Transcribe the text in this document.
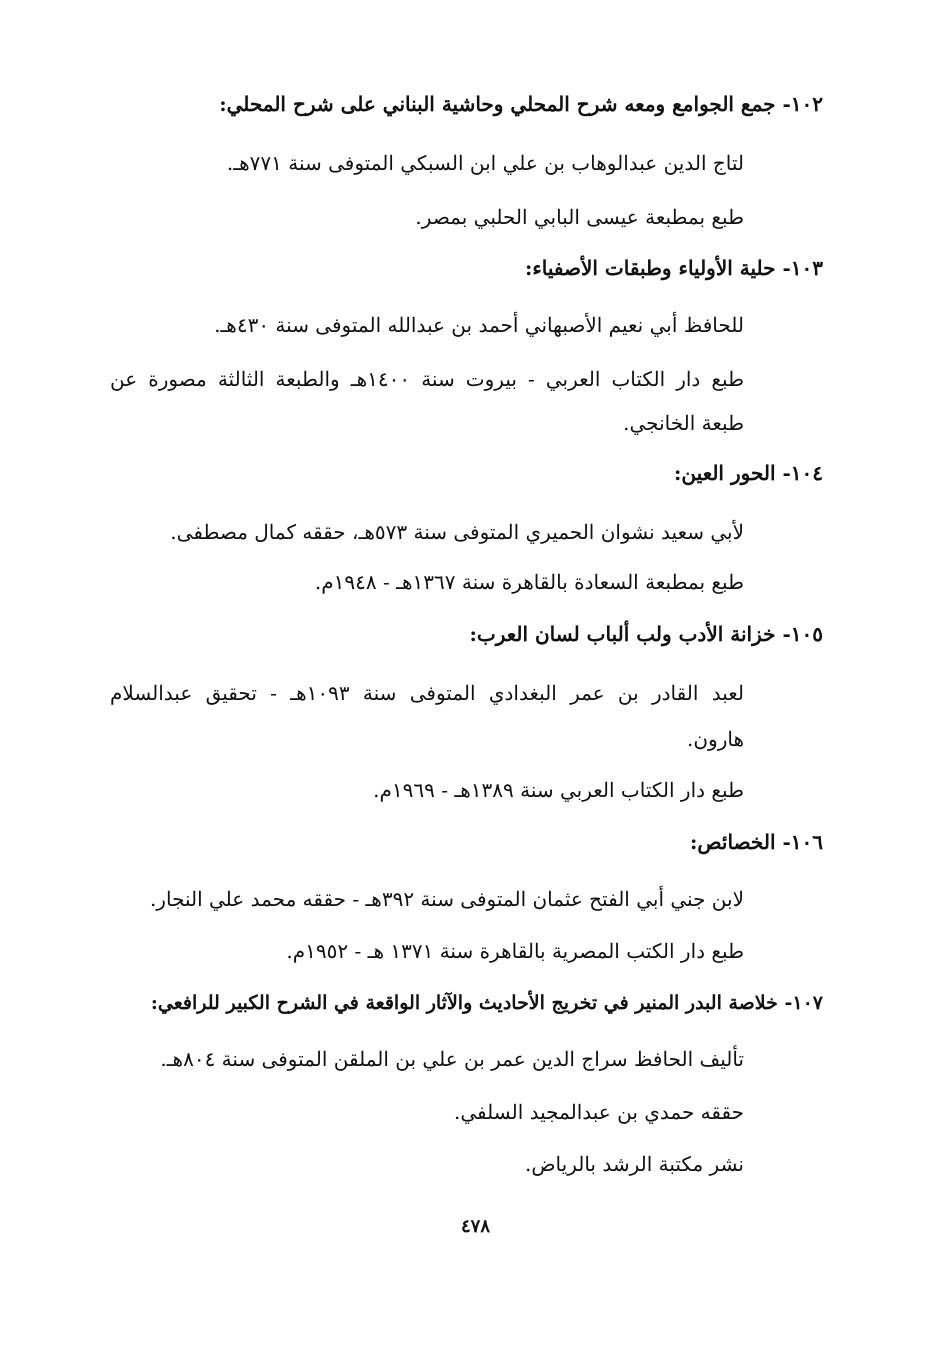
١٠٢- جمع الجوامع ومعه شرح المحلي وحاشية البناني على شرح المحلي:
لتاج الدين عبدالوهاب بن علي ابن السبكي المتوفى سنة ٧٧١هـ.
طبع بمطبعة عيسى البابي الحلبي بمصر.
١٠٣- حلية الأولياء وطبقات الأصفياء:
للحافظ أبي نعيم الأصبهاني أحمد بن عبدالله المتوفى سنة ٤٣٠هـ.
طبع دار الكتاب العربي - بيروت سنة ١٤٠٠هـ والطبعة الثالثة مصورة عن
طبعة الخانجي.
١٠٤- الحور العين:
لأبي سعيد نشوان الحميري المتوفى سنة ٥٧٣هـ، حققه كمال مصطفى.
طبع بمطبعة السعادة بالقاهرة سنة ١٣٦٧هـ - ١٩٤٨م.
١٠٥- خزانة الأدب ولب ألباب لسان العرب:
لعبد القادر بن عمر البغدادي المتوفى سنة ١٠٩٣هـ - تحقيق عبدالسلام
هارون.
طبع دار الكتاب العربي سنة ١٣٨٩هـ - ١٩٦٩م.
١٠٦- الخصائص:
لابن جني أبي الفتح عثمان المتوفى سنة ٣٩٢هـ - حققه محمد علي النجار.
طبع دار الكتب المصرية بالقاهرة سنة ١٣٧١ هـ - ١٩٥٢م.
١٠٧- خلاصة البدر المنير في تخريج الأحاديث والآثار الواقعة في الشرح الكبير للرافعي:
تأليف الحافظ سراج الدين عمر بن علي بن الملقن المتوفى سنة ٨٠٤هـ.
حققه حمدي بن عبدالمجيد السلفي.
نشر مكتبة الرشد بالرياض.
٤٧٨
